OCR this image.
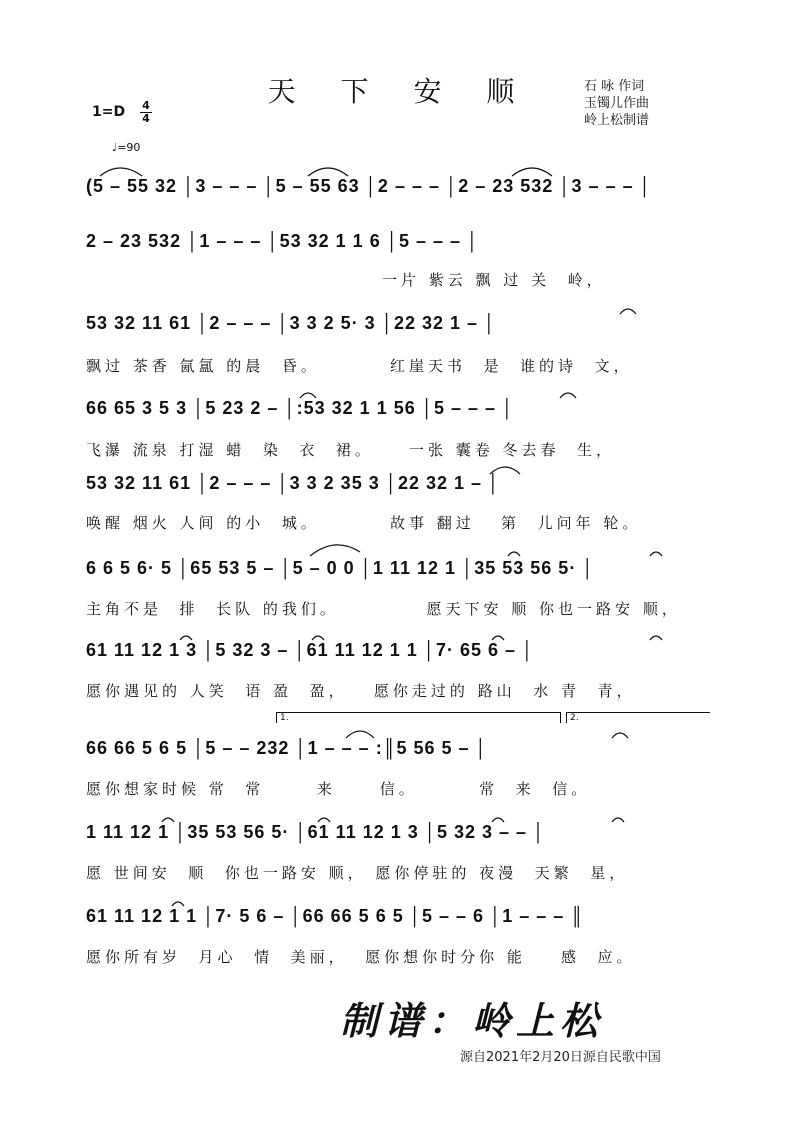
天 下 安 顺	石 咏 作词
玉镯儿作曲
岭上松制谱
1=D 4
4
♩=90
1.	2.
(5 – 55 32 │3 – – – │5 – 55 63 │2 – – – │2 – 23 532 │3 – – – │
2 – 23 532 │1 – – – │53 32 1 1 6 │5 – – – │
一片 紫云 飘 过 关  岭，
53 32 11 61 │2 – – – │3 3 2 5· 3 │22 32 1 – │
飘过 茶香 氤氲 的晨  昏。        红崖天书  是  谁的诗  文，
66 65 3 5 3 │5 23 2 – │:53 32 1 1 56 │5 – – – │
飞瀑 流泉 打湿 蜡  染  衣  裙。    一张 囊卷 冬去春  生，
53 32 11 61 │2 – – – │3 3 2 35 3 │22 32 1 – │
唤醒 烟火 人间 的小  城。        故事 翻过   第  儿问年 轮。
6 6 5 6· 5 │65 53 5 – │5 – 0 0 │1 11 12 1 │35 53 56 5· │
主角不是  排  长队 的我们。          愿天下安 顺 你也一路安 顺，
61 11 12 1 3 │5 32 3 – │61 11 12 1 1 │7· 65 6 – │
愿你遇见的 人笑  语 盈  盈，   愿你走过的 路山  水 青  青，
66 66 5 6 5 │5 – – 232 │1 – – – :║5 56 5 – │
愿你想家时候 常  常      来     信。       常  来  信。
1 11 12 1 │35 53 56 5· │61 11 12 1 3 │5 32 3 – – │
愿 世间安  顺  你也一路安 顺， 愿你停驻的 夜漫  天繁  星，
61 11 12 1 1 │7· 5 6 – │66 66 5 6 5 │5 – – 6 │1 – – – ║
愿你所有岁  月心  情  美丽，  愿你想你时分你 能    感  应。
制谱：岭上松
源自2021年2月20日源自民歌中国
